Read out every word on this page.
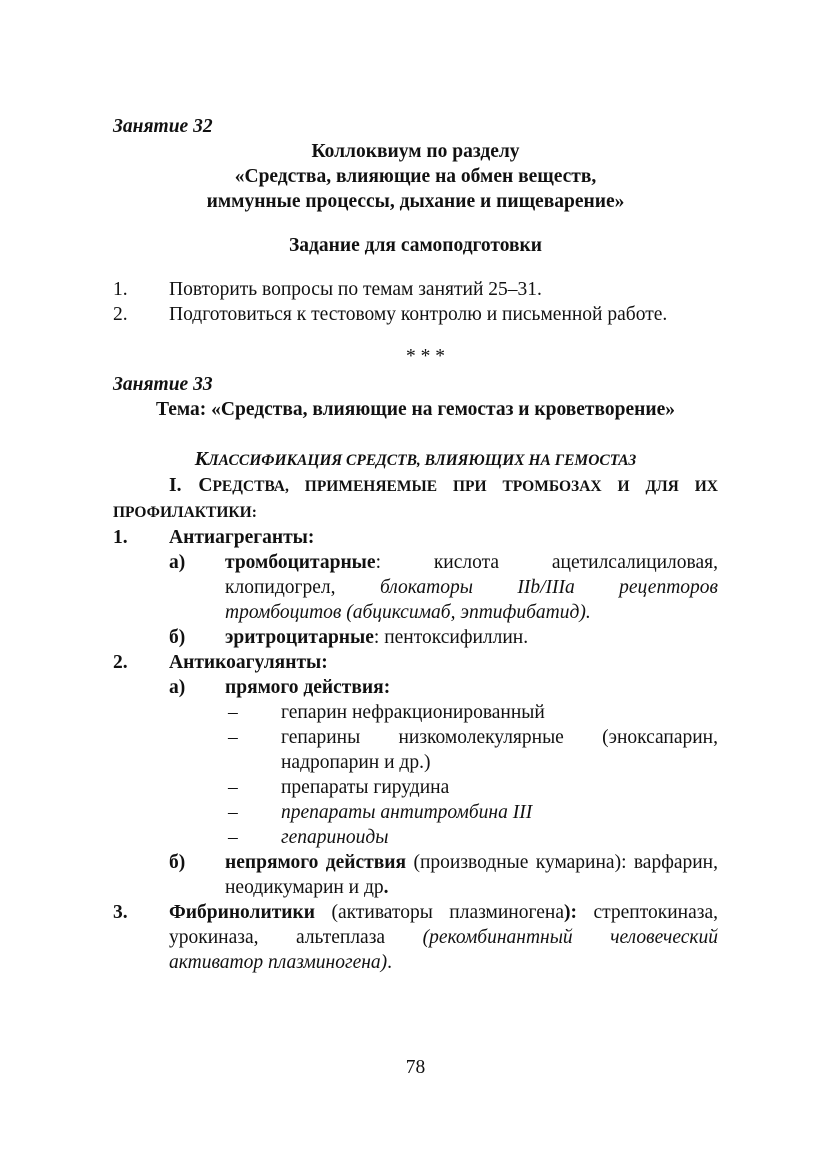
Занятие 32
Коллоквиум по разделу
«Средства, влияющие на обмен веществ,
иммунные процессы, дыхание и пищеварение»
Задание для самоподготовки
1.	Повторить вопросы по темам занятий 25–31.
2.	Подготовиться к тестовому контролю и письменной работе.
* * *
Занятие 33
Тема: «Средства, влияющие на гемостаз и кроветворение»
КЛАССИФИКАЦИЯ СРЕДСТВ, ВЛИЯЮЩИХ НА ГЕМОСТАЗ
I. СРЕДСТВА, ПРИМЕНЯЕМЫЕ ПРИ ТРОМБОЗАХ И ДЛЯ ИХ ПРОФИЛАКТИКИ:
1.	Антиагреганты:
а)	тромбоцитарные: кислота ацетилсалициловая, клопидогрел, блокаторы IIb/IIIa рецепторов тромбоцитов (абциксимаб, эптифибатид).
б)	эритроцитарные: пентоксифиллин.
2.	Антикоагулянты:
а)	прямого действия:
–	гепарин нефракционированный
–	гепарины низкомолекулярные (эноксапарин, надропарин и др.)
–	препараты гирудина
–	препараты антитромбина III
–	гепариноиды
б)	непрямого действия (производные кумарина): варфарин, неодикумарин и др.
3.	Фибринолитики (активаторы плазминогена): стрептокиназа, урокиназа, альтеплаза (рекомбинантный человеческий активатор плазминогена).
78
